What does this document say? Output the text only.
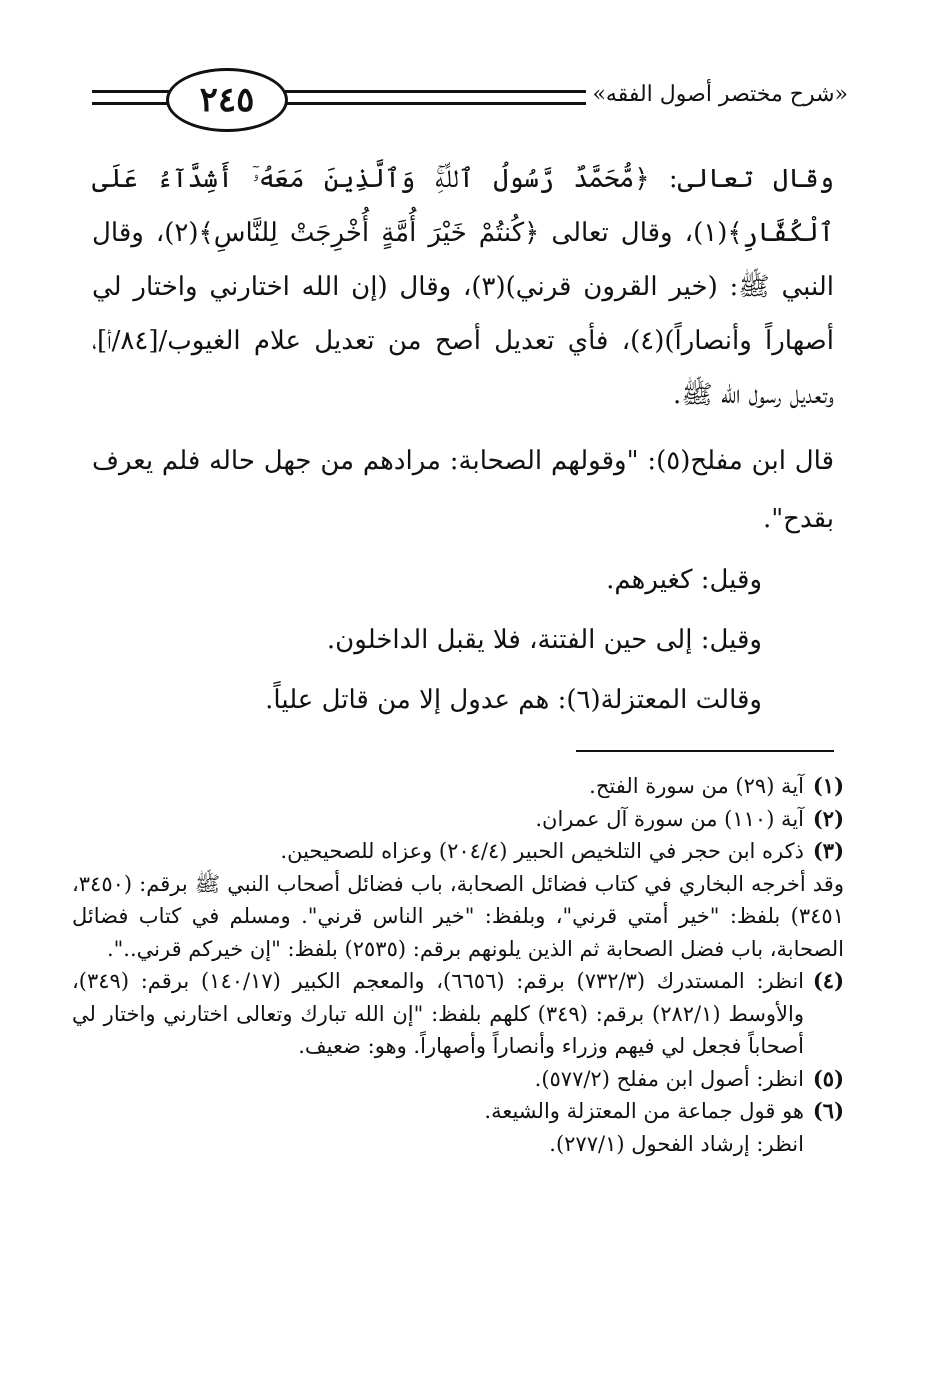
«شرح مختصر أصول الفقه»
٢٤٥

وقال تعالى: ﴿مُّحَمَّدٌ رَّسُولُ ٱللَّهِۚ وَٱلَّذِينَ مَعَهُۥٓ أَشِدَّآءُ عَلَى ٱلْكُفَّارِ﴾(١)، وقال تعالى ﴿كُنتُمْ خَيْرَ أُمَّةٍ أُخْرِجَتْ لِلنَّاسِ﴾(٢)، وقال النبي ﷺ: (خير القرون قرني)(٣)، وقال (إن الله اختارني واختار لي أصهاراً وأنصاراً)(٤)، فأي تعديل أصح من تعديل علام الغيوب/[٨٤/أ]، وتعديل رسول الله ﷺ.

قال ابن مفلح(٥): "وقولهم الصحابة: مرادهم من جهل حاله فلم يعرف بقدح".

وقيل: كغيرهم.

وقيل: إلى حين الفتنة، فلا يقبل الداخلون.

وقالت المعتزلة(٦): هم عدول إلا من قاتل علياً.

(١)
آية (٢٩) من سورة الفتح.
(٢)
آية (١١٠) من سورة آل عمران.
(٣)
ذكره ابن حجر في التلخيص الحبير (٢٠٤/٤) وعزاه للصحيحين.
وقد أخرجه البخاري في كتاب فضائل الصحابة، باب فضائل أصحاب النبي ﷺ برقم: (٣٤٥٠، ٣٤٥١) بلفظ: "خير أمتي قرني"، وبلفظ: "خير الناس قرني". ومسلم في كتاب فضائل الصحابة، باب فضل الصحابة ثم الذين يلونهم برقم: (٢٥٣٥) بلفظ: "إن خيركم قرني..".
(٤)
انظر: المستدرك (٧٣٢/٣) برقم: (٦٦٥٦)، والمعجم الكبير (١٤٠/١٧) برقم: (٣٤٩)، والأوسط (٢٨٢/١) برقم: (٣٤٩) كلهم بلفظ: "إن الله تبارك وتعالى اختارني واختار لي أصحاباً فجعل لي فيهم وزراء وأنصاراً وأصهاراً. وهو: ضعيف.
(٥)
انظر: أصول ابن مفلح (٥٧٧/٢).
(٦)
هو قول جماعة من المعتزلة والشيعة.
انظر: إرشاد الفحول (٢٧٧/١).
